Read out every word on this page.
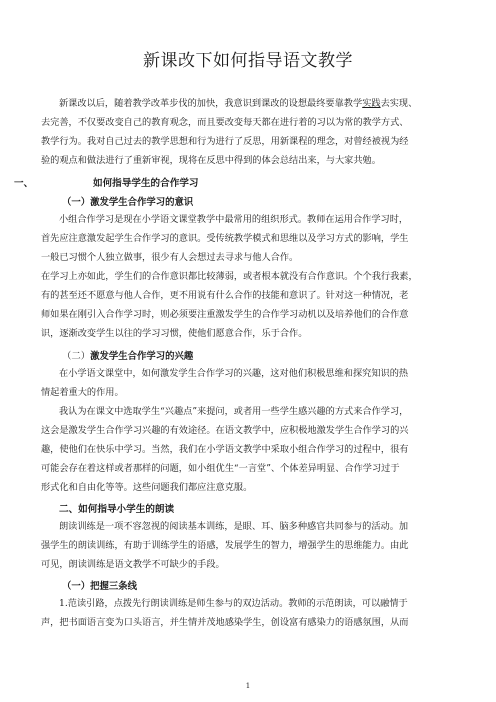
新课改下如何指导语文教学
新课改以后，随着教学改革步伐的加快，我意识到课改的设想最终要靠教学实践去实现、
去完善，不仅要改变自己的教育观念，而且要改变每天都在进行着的习以为常的教学方式、
教学行为。我对自己过去的教学思想和行为进行了反思，用新课程的理念，对曾经被视为经
验的观点和做法进行了重新审视，现将在反思中得到的体会总结出来，与大家共勉。
一、	如何指导学生的合作学习
（一）激发学生合作学习的意识
小组合作学习是现在小学语文课堂教学中最常用的组织形式。教师在运用合作学习时，
首先应注意激发起学生合作学习的意识。受传统教学模式和思维以及学习方式的影响，学生
一般已习惯个人独立做事，很少有人会想过去寻求与他人合作。
在学习上亦如此，学生们的合作意识都比较薄弱，或者根本就没有合作意识。个个我行我素，
有的甚至还不愿意与他人合作，更不用说有什么合作的技能和意识了。针对这一种情况，老
师如果在刚引入合作学习时，则必须要注重激发学生的合作学习动机以及培养他们的合作意
识，逐渐改变学生以往的学习习惯，使他们愿意合作，乐于合作。
（二）激发学生合作学习的兴趣
在小学语文课堂中，如何激发学生合作学习的兴趣，这对他们积极思维和探究知识的热
情起着重大的作用。
我认为在课文中选取学生“兴趣点”来提问，或者用一些学生感兴趣的方式来合作学习，
这会是激发学生合作学习兴趣的有效途径。在语文教学中，应积极地激发学生合作学习的兴
趣，使他们在快乐中学习。当然，我们在小学语文教学中采取小组合作学习的过程中，很有
可能会存在着这样或者那样的问题，如小组优生“一言堂”、个体差异明显、合作学习过于
形式化和自由化等等。这些问题我们都应注意克服。
二、如何指导小学生的朗读
朗读训练是一项不容忽视的阅读基本训练，是眼、耳、脑多种感官共同参与的活动。加
强学生的朗读训练，有助于训练学生的语感，发展学生的智力，增强学生的思维能力。由此
可见，朗读训练是语文教学不可缺少的手段。
（一）把握三条线
1.范读引路，点拨先行朗读训练是师生参与的双边活动。教师的示范朗读，可以融情于
声，把书面语言变为口头语言，并生情并茂地感染学生，创设富有感染力的语感氛围，从而
1
